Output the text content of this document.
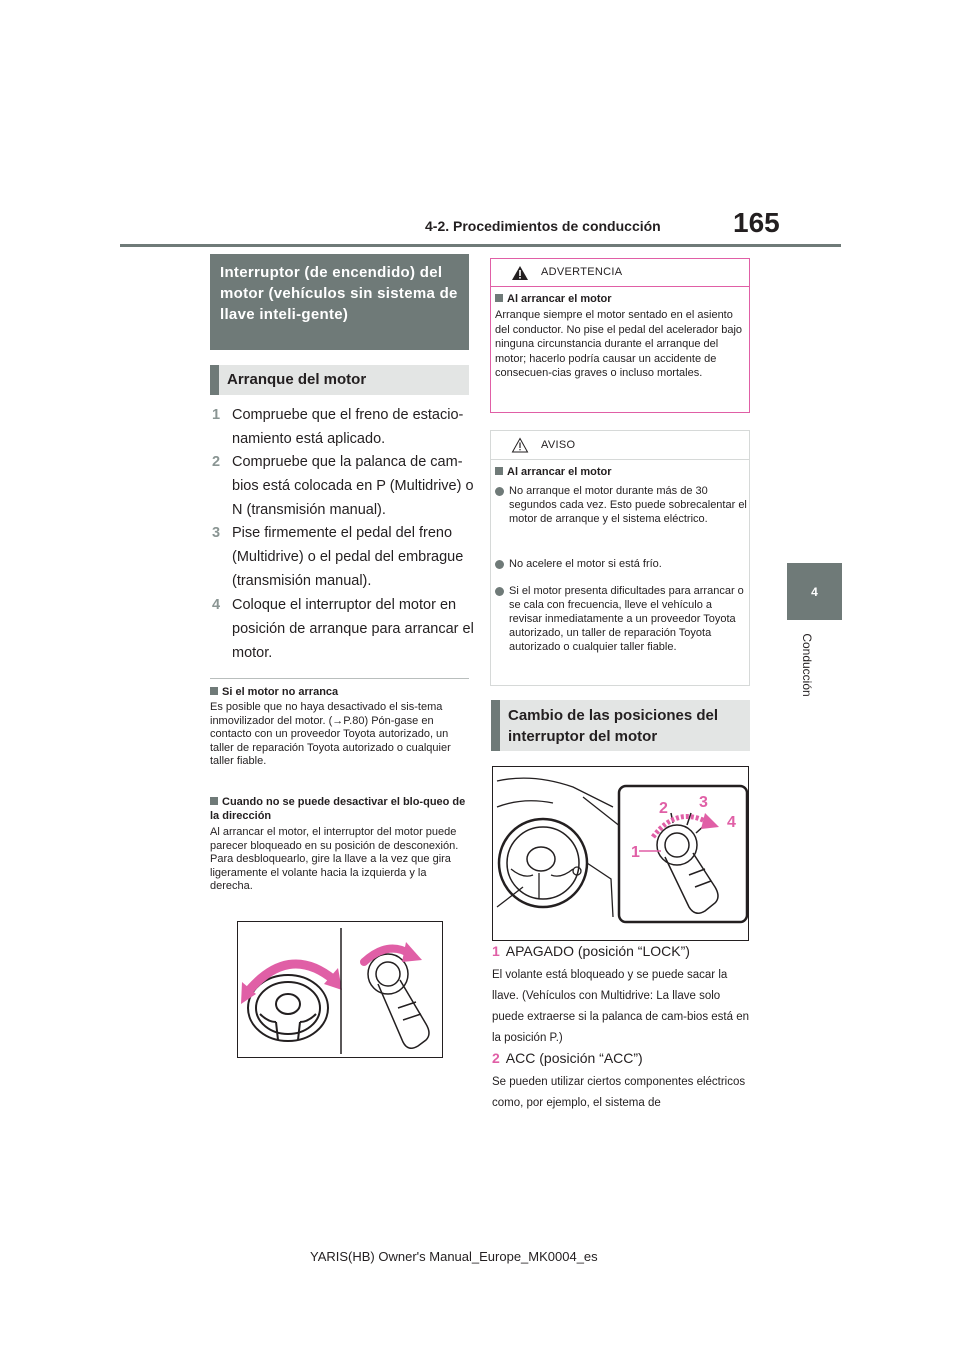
4-2. Procedimientos de conducción	165
4
Conducción
Interruptor (de encendido) del motor (vehículos sin sistema de llave inteli-gente)
Arranque del motor
1 Compruebe que el freno de estacio-namiento está aplicado.
2 Compruebe que la palanca de cam-bios está colocada en P (Multidrive) o N (transmisión manual).
3 Pise firmemente el pedal del freno (Multidrive) o el pedal del embrague (transmisión manual).
4 Coloque el interruptor del motor en posición de arranque para arrancar el motor.
Si el motor no arranca
Es posible que no haya desactivado el sis-tema inmovilizador del motor. (→P.80) Pón-gase en contacto con un proveedor Toyota autorizado, un taller de reparación Toyota autorizado o cualquier taller fiable.
Cuando no se puede desactivar el blo-queo de la dirección
Al arrancar el motor, el interruptor del motor puede parecer bloqueado en su posición de desconexión. Para desbloquearlo, gire la llave a la vez que gira ligeramente el volante hacia la izquierda y la derecha.
ADVERTENCIA
Al arrancar el motor
Arranque siempre el motor sentado en el asiento del conductor. No pise el pedal del acelerador bajo ninguna circunstancia durante el arranque del motor; hacerlo podría causar un accidente de consecuen-cias graves o incluso mortales.
AVISO
Al arrancar el motor
No arranque el motor durante más de 30 segundos cada vez. Esto puede sobrecalentar el motor de arranque y el sistema eléctrico.
No acelere el motor si está frío.
Si el motor presenta dificultades para arrancar o se cala con frecuencia, lleve el vehículo a revisar inmediatamente a un proveedor Toyota autorizado, un taller de reparación Toyota autorizado o cualquier taller fiable.
Cambio de las posiciones del interruptor del motor
1
2 3
4
1 APAGADO (posición “LOCK”)
El volante está bloqueado y se puede sacar la llave. (Vehículos con Multidrive: La llave solo puede extraerse si la palanca de cam-bios está en la posición P.)
2 ACC (posición “ACC”)
Se pueden utilizar ciertos componentes eléctricos como, por ejemplo, el sistema de
YARIS(HB) Owner's Manual_Europe_MK0004_es
